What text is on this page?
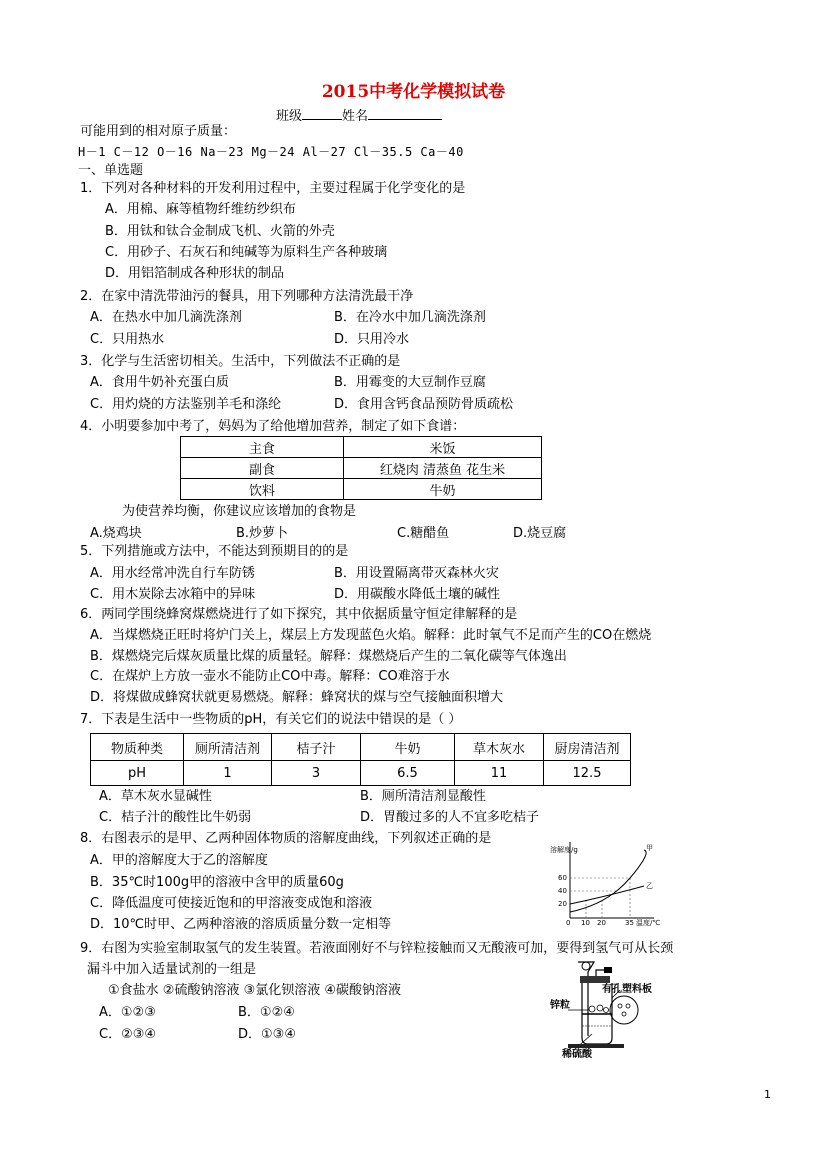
2015中考化学模拟试卷
班级	姓名
可能用到的相对原子质量：
H－1 C－12 O－16 Na－23 Mg－24 Al－27 Cl－35.5 Ca－40
一、单选题
1．下列对各种材料的开发利用过程中，主要过程属于化学变化的是
A．用棉、麻等植物纤维纺纱织布
B．用钛和钛合金制成飞机、火箭的外壳
C．用砂子、石灰石和纯碱等为原料生产各种玻璃
D．用铝箔制成各种形状的制品
2．在家中清洗带油污的餐具，用下列哪种方法清洗最干净
A．在热水中加几滴洗涤剂	B．在冷水中加几滴洗涤剂
C．只用热水	D．只用冷水
3．化学与生活密切相关。生活中，下列做法不正确的是
A．食用牛奶补充蛋白质	B．用霉变的大豆制作豆腐
C．用灼烧的方法鉴别羊毛和涤纶	D．食用含钙食品预防骨质疏松
4．小明要参加中考了，妈妈为了给他增加营养，制定了如下食谱：
主食	米饭
副食	红烧肉 清蒸鱼 花生米
饮料	牛奶
为使营养均衡，你建议应该增加的食物是
A.烧鸡块	B.炒萝卜	C.糖醋鱼	D.烧豆腐
5．下列措施或方法中，不能达到预期目的的是
A．用水经常冲洗自行车防锈	B．用设置隔离带灭森林火灾
C．用木炭除去冰箱中的异味	D．用碳酸水降低土壤的碱性
6．两同学围绕蜂窝煤燃烧进行了如下探究，其中依据质量守恒定律解释的是
A．当煤燃烧正旺时将炉门关上，煤层上方发现蓝色火焰。解释：此时氧气不足而产生的CO在燃烧
B．煤燃烧完后煤灰质量比煤的质量轻。解释：煤燃烧后产生的二氧化碳等气体逸出
C．在煤炉上方放一壶水不能防止CO中毒。解释：CO难溶于水
D．将煤做成蜂窝状就更易燃烧。解释：蜂窝状的煤与空气接触面积增大
7．下表是生活中一些物质的pH，有关它们的说法中错误的是（ ）
物质种类	厕所清洁剂	桔子汁	牛奶	草木灰水	厨房清洁剂
pH	1	3	6.5	11	12.5
A．草木灰水显碱性	B．厕所清洁剂显酸性
C．桔子汁的酸性比牛奶弱	D．胃酸过多的人不宜多吃桔子
8．右图表示的是甲、乙两种固体物质的溶解度曲线，下列叙述正确的是
A．甲的溶解度大于乙的溶解度
B．35℃时100g甲的溶液中含甲的质量60g
C．降低温度可使接近饱和的甲溶液变成饱和溶液
D．10℃时甲、乙两种溶液的溶质质量分数一定相等
溶解度/g
60
40
20
0 10 20	35 温度/℃
甲
乙
9．右图为实验室制取氢气的发生装置。若液面刚好不与锌粒接触而又无酸液可加，要得到氢气可从长颈
漏斗中加入适量试剂的一组是
①食盐水 ②硫酸钠溶液 ③氯化钡溶液 ④碳酸钠溶液
A．①②③	B．①②④
C．②③④	D．①③④
有孔塑料板
锌粒
稀硫酸
1
